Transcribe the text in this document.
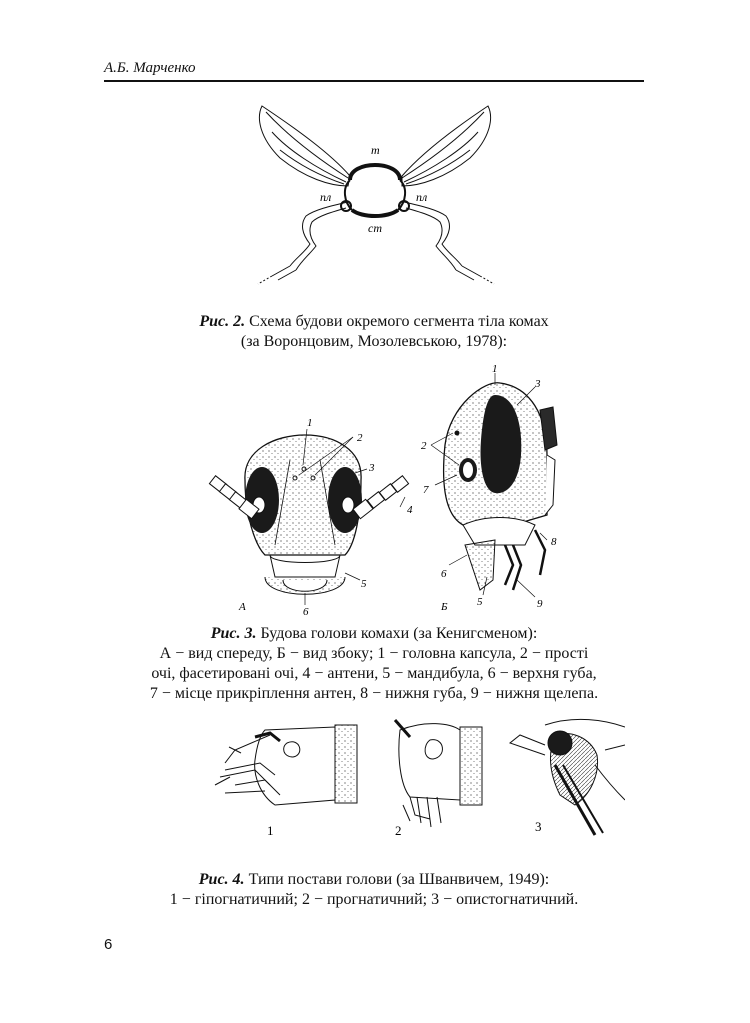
А.Б. Марченко
т
пл	пл
ст
Рис. 2. Схема будови окремого сегмента тіла комах
(за Воронцовим, Мозолевською, 1978):
1
2
3
4
5
6
А
1
3
2
7
8
6
5	9
Б
Рис. 3. Будова голови комахи (за Кенигсменом):
А − вид спереду, Б − вид збоку; 1 − головна капсула, 2 − прості
очі, фасетировані очі, 4 − антени, 5 − мандибула, 6 − верхня губа,
7 − місце прикріплення антен, 8 − нижня губа, 9 − нижня щелепа.
1	2	3
Рис. 4. Типи постави голови (за Шванвичем, 1949):
1 − гіпогнатичний; 2 − прогнатичний; 3 − опистогнатичний.
6
